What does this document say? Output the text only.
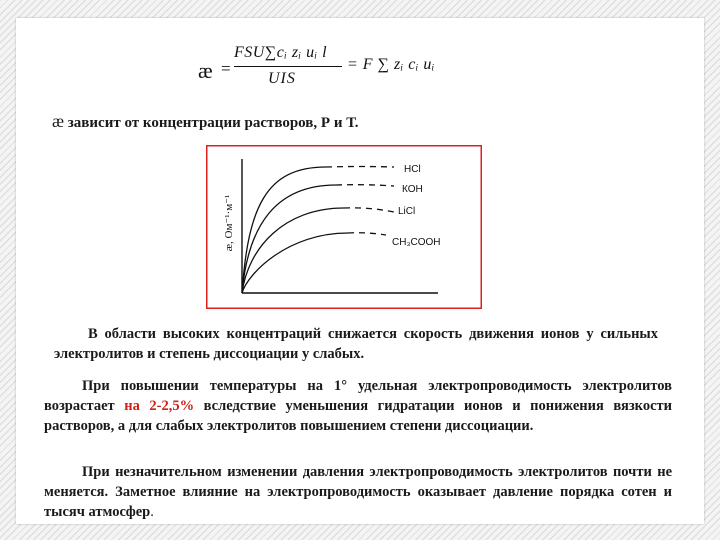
æ =
FSU∑cᵢ zᵢ uᵢ l
UIS
= F ∑ zᵢ cᵢ uᵢ
æ зависит от концентрации растворов, Р и Т.
æ, Ом⁻¹·м⁻¹
HCl
КОН
LiCl
CH₃COOH

В области высоких концентраций снижается скорость движения ионов у сильных электролитов и степень диссоциации у слабых.

При повышении температуры на 1° удельная электропроводимость электролитов возрастает на 2-2,5% вследствие уменьшения гидратации ионов и понижения вязкости растворов, а для слабых электролитов повышением степени диссоциации.

При незначительном изменении давления электропроводимость электролитов почти не меняется. Заметное влияние на электропроводимость оказывает давление порядка сотен и тысяч атмосфер.
